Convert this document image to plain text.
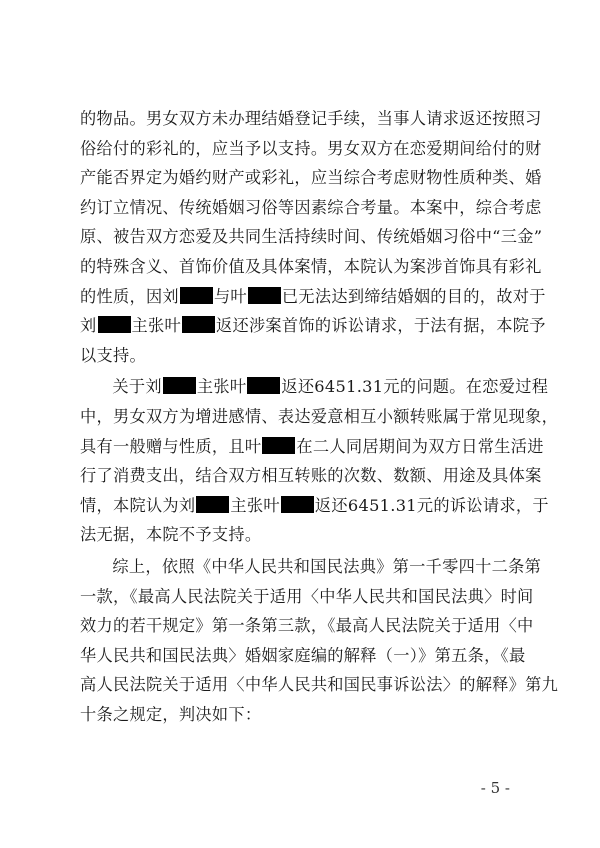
的物品。男女双方未办理结婚登记手续，当事人请求返还按照习
俗给付的彩礼的，应当予以支持。男女双方在恋爱期间给付的财
产能否界定为婚约财产或彩礼，应当综合考虑财物性质种类、婚
约订立情况、传统婚姻习俗等因素综合考量。本案中，综合考虑
原、被告双方恋爱及共同生活持续时间、传统婚姻习俗中“三金”
的特殊含义、首饰价值及具体案情，本院认为案涉首饰具有彩礼
的性质，因刘 与叶 已无法达到缔结婚姻的目的，故对于
刘 主张叶 返还涉案首饰的诉讼请求，于法有据，本院予
以支持。
关于刘 主张叶 返还6451.31元的问题。在恋爱过程
中，男女双方为增进感情、表达爱意相互小额转账属于常见现象，
具有一般赠与性质，且叶 在二人同居期间为双方日常生活进
行了消费支出，结合双方相互转账的次数、数额、用途及具体案
情，本院认为刘 主张叶 返还6451.31元的诉讼请求，于
法无据，本院不予支持。
综上，依照《中华人民共和国民法典》第一千零四十二条第
一款，《最高人民法院关于适用〈中华人民共和国民法典〉时间
效力的若干规定》第一条第三款，《最高人民法院关于适用〈中
华人民共和国民法典〉婚姻家庭编的解释（一）》第五条，《最
高人民法院关于适用〈中华人民共和国民事诉讼法〉的解释》第九
十条之规定，判决如下：
- 5 -
